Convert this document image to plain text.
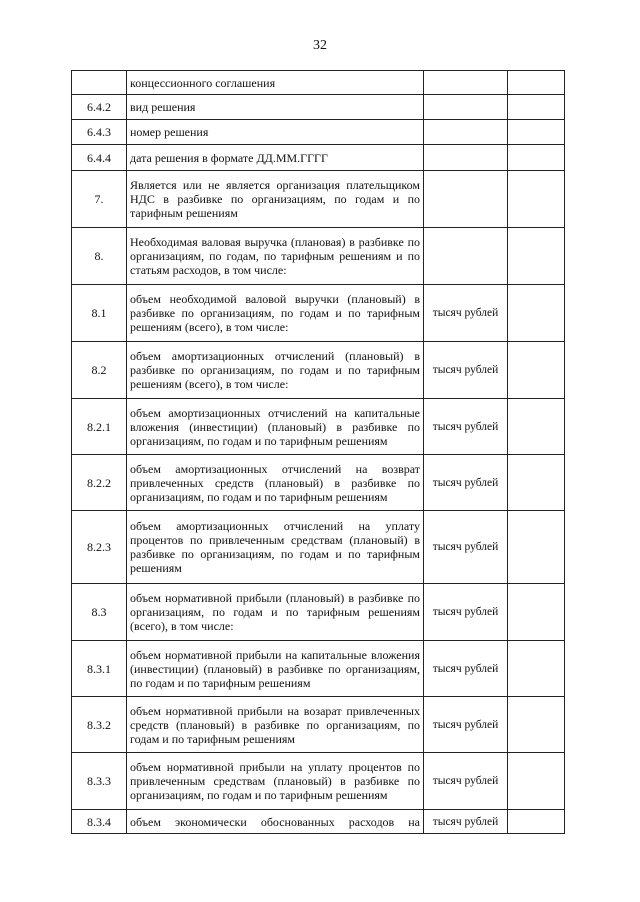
32
	концессионного соглашения		
6.4.2	вид решения		
6.4.3	номер решения		
6.4.4	дата решения в формате ДД.ММ.ГГГГ		
7.	Является или не является организация плательщиком НДС в разбивке по организациям, по годам и по тарифным решениям		
8.	Необходимая валовая выручка (плановая) в разбивке по организациям, по годам, по тарифным решениям и по статьям расходов, в том числе:		
8.1	объем необходимой валовой выручки (плановый) в разбивке по организациям, по годам и по тарифным решениям (всего), в том числе:	тысяч рублей	
8.2	объем амортизационных отчислений (плановый) в разбивке по организациям, по годам и по тарифным решениям (всего), в том числе:	тысяч рублей	
8.2.1	объем амортизационных отчислений на капитальные вложения (инвестиции) (плановый) в разбивке по организациям, по годам и по тарифным решениям	тысяч рублей	
8.2.2	объем амортизационных отчислений на возврат привлеченных средств (плановый) в разбивке по организациям, по годам и по тарифным решениям	тысяч рублей	
8.2.3	объем амортизационных отчислений на уплату процентов по привлеченным средствам (плановый) в разбивке по организациям, по годам и по тарифным решениям	тысяч рублей	
8.3	объем нормативной прибыли (плановый) в разбивке по организациям, по годам и по тарифным решениям (всего), в том числе:	тысяч рублей	
8.3.1	объем нормативной прибыли на капитальные вложения (инвестиции) (плановый) в разбивке по организациям, по годам и по тарифным решениям	тысяч рублей	
8.3.2	объем нормативной прибыли на возарат привлеченных средств (плановый) в разбивке по организациям, по годам и по тарифным решениям	тысяч рублей	
8.3.3	объем нормативной прибыли на уплату процентов по привлеченным средствам (плановый) в разбивке по организациям, по годам и по тарифным решениям	тысяч рублей	
8.3.4	объем экономически обоснованных расходов на	тысяч рублей	
